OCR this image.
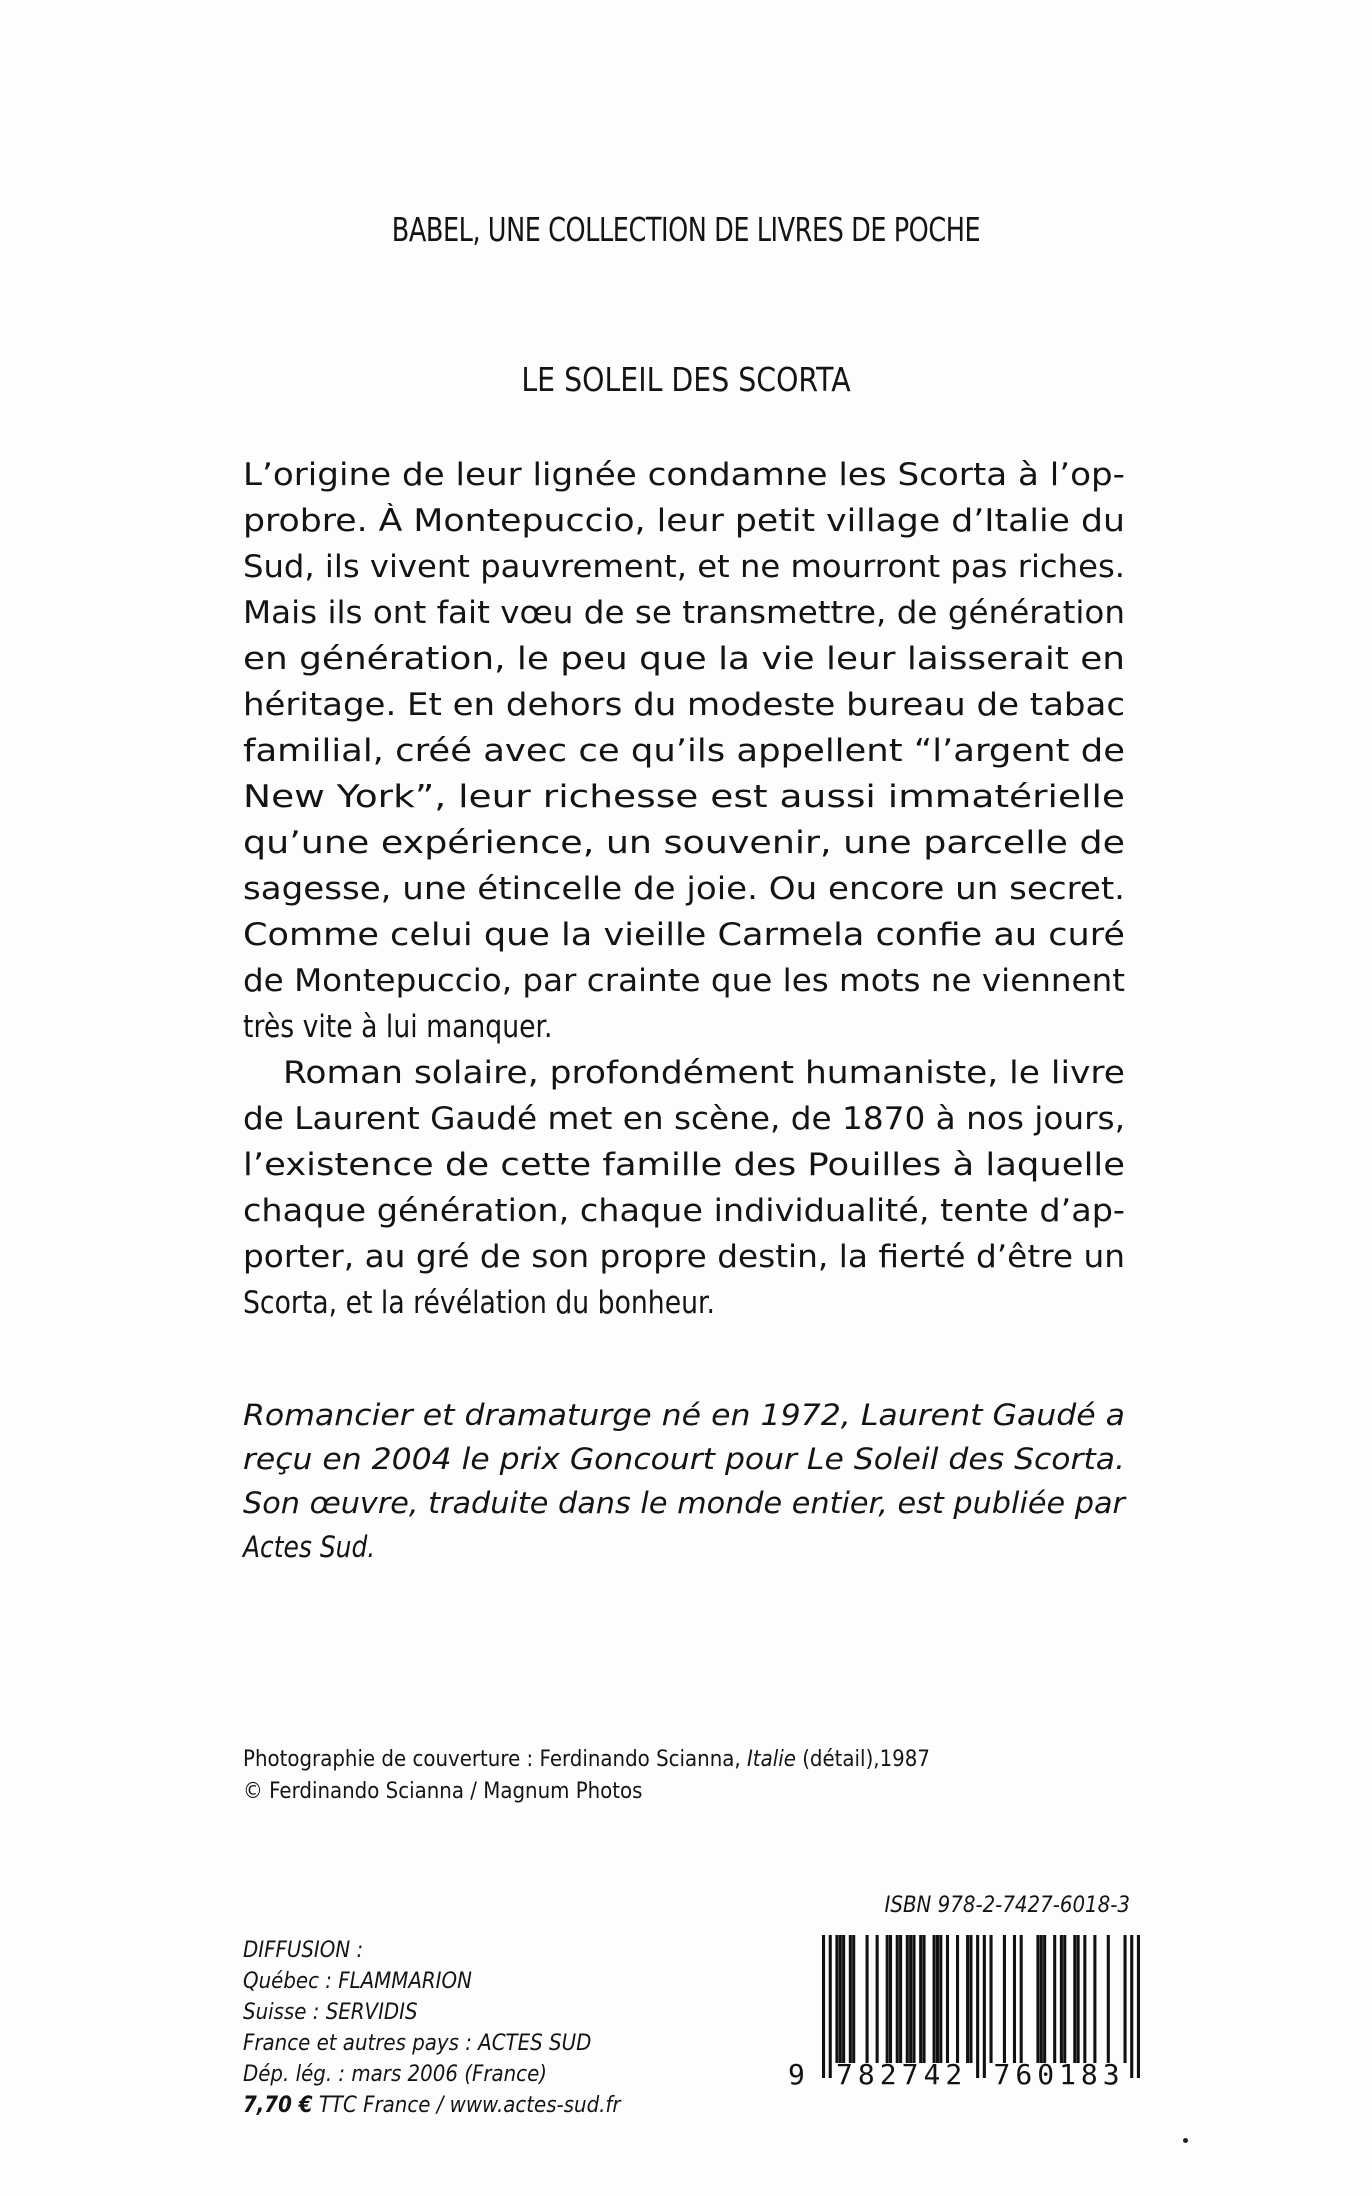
BABEL, UNE COLLECTION DE LIVRES DE POCHE
LE SOLEIL DES SCORTA
L’origine de leur lignée condamne les Scorta à l’op-
probre. À Montepuccio, leur petit village d’Italie du
Sud, ils vivent pauvrement, et ne mourront pas riches.
Mais ils ont fait vœu de se transmettre, de génération
en génération, le peu que la vie leur laisserait en
héritage. Et en dehors du modeste bureau de tabac
familial, créé avec ce qu’ils appellent “l’argent de
New York”, leur richesse est aussi immatérielle
qu’une expérience, un souvenir, une parcelle de
sagesse, une étincelle de joie. Ou encore un secret.
Comme celui que la vieille Carmela confie au curé
de Montepuccio, par crainte que les mots ne viennent
très vite à lui manquer.
Roman solaire, profondément humaniste, le livre
de Laurent Gaudé met en scène, de 1870 à nos jours,
l’existence de cette famille des Pouilles à laquelle
chaque génération, chaque individualité, tente d’ap-
porter, au gré de son propre destin, la fierté d’être un
Scorta, et la révélation du bonheur.
Romancier et dramaturge né en 1972, Laurent Gaudé a
reçu en 2004 le prix Goncourt pour Le Soleil des Scorta.
Son œuvre, traduite dans le monde entier, est publiée par
Actes Sud.
Photographie de couverture : Ferdinando Scianna, Italie (détail),1987
© Ferdinando Scianna / Magnum Photos
DIFFUSION :
Québec : FLAMMARION
Suisse : SERVIDIS
France et autres pays : ACTES SUD
Dép. lég. : mars 2006 (France)
7,70 € TTC France / www.actes-sud.fr
ISBN 978-2-7427-6018-3
9 782742 760183
